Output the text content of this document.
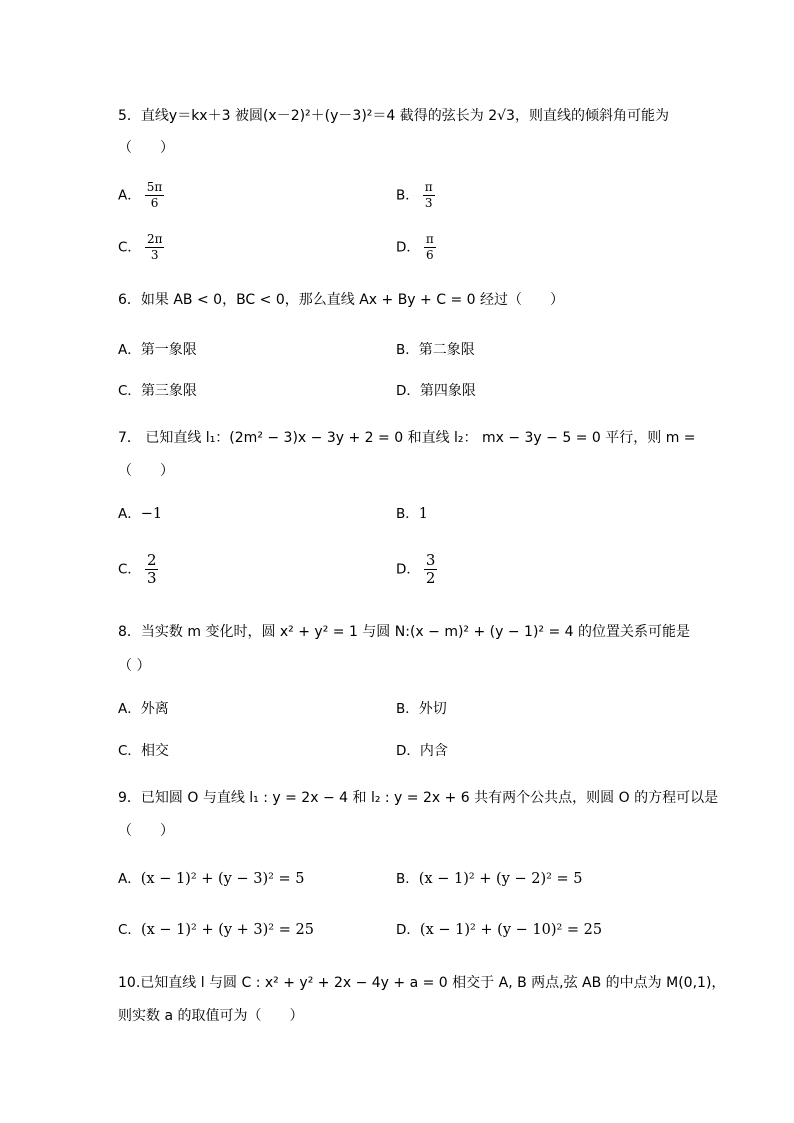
5．直线y＝kx＋3 被圆(x－2)²＋(y－3)²＝4 截得的弦长为 2√3，则直线的倾斜角可能为
（　　）
A． $\frac{5\pi}{6}$	B． $\frac{\pi}{3}$
C． $\frac{2\pi}{3}$	D． $\frac{\pi}{6}$
6．如果 AB < 0，BC < 0，那么直线 Ax + By + C = 0 经过（　　）
A．第一象限	B．第二象限
C．第三象限	D．第四象限
7． 已知直线 l₁：(2m² − 3)x − 3y + 2 = 0 和直线 l₂： mx − 3y − 5 = 0 平行，则 m =
（　　）
A．−1	B．1
C． $\frac{2}{3}$	D． $\frac{3}{2}$
8．当实数 m 变化时，圆 x² + y² = 1 与圆 N:(x − m)² + (y − 1)² = 4 的位置关系可能是
（ ）
A．外离	B．外切
C．相交	D．内含
9．已知圆 O 与直线 l₁ : y = 2x − 4 和 l₂ : y = 2x + 6 共有两个公共点，则圆 O 的方程可以是
（　　）
A．(x − 1)² + (y − 3)² = 5	B．(x − 1)² + (y − 2)² = 5
C．(x − 1)² + (y + 3)² = 25	D．(x − 1)² + (y − 10)² = 25
10.已知直线 l 与圆 C : x² + y² + 2x − 4y + a = 0 相交于 A, B 两点,弦 AB 的中点为 M(0,1)，
则实数 a 的取值可为（　　）
